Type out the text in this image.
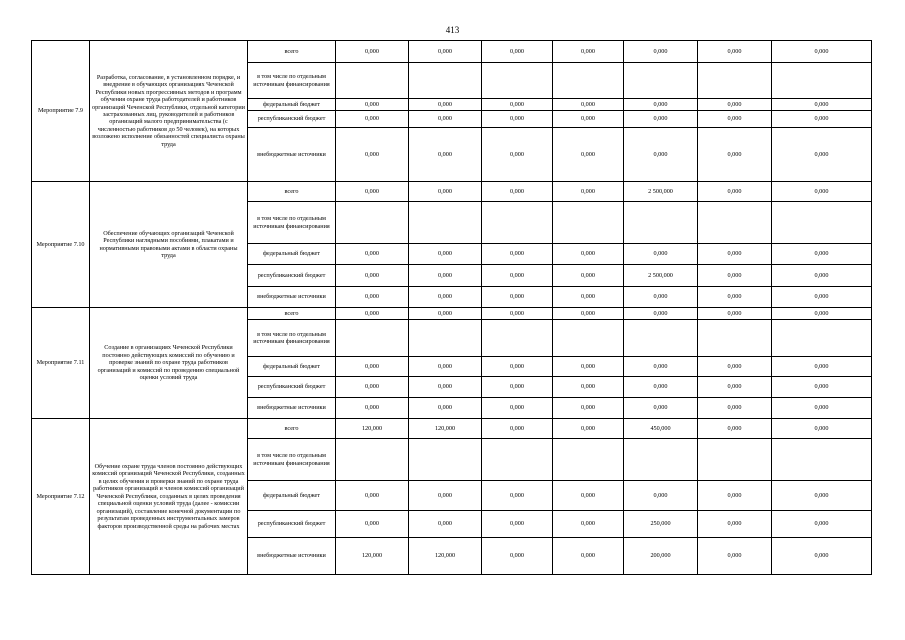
413
Мероприятие 7.9	Разработка, согласование, в установленном порядке, и внедрение в обучающих организациях Чеченской Республики новых прогрессивных методов и программ обучения охране труда работодателей и работников организаций Чеченской Республики, отдельной категории застрахованных лиц, руководителей и работников организаций малого предпринимательства (с численностью работников до 50 человек), на которых возложено исполнение обязанностей специалиста охраны труда	всего	0,000	0,000	0,000	0,000	0,000	0,000	0,000
		в том числе по отдельным источникам финансирования							
		федеральный бюджет	0,000	0,000	0,000	0,000	0,000	0,000	0,000
		республиканский бюджет	0,000	0,000	0,000	0,000	0,000	0,000	0,000
		внебюджетные источники	0,000	0,000	0,000	0,000	0,000	0,000	0,000
Мероприятие 7.10	Обеспечение обучающих организаций Чеченской Республики наглядными пособиями, плакатами и нормативными правовыми актами в области охраны труда	всего	0,000	0,000	0,000	0,000	2 500,000	0,000	0,000
		в том числе по отдельным источникам финансирования							
		федеральный бюджет	0,000	0,000	0,000	0,000	0,000	0,000	0,000
		республиканский бюджет	0,000	0,000	0,000	0,000	2 500,000	0,000	0,000
		внебюджетные источники	0,000	0,000	0,000	0,000	0,000	0,000	0,000
Мероприятие 7.11	Создание в организациях Чеченской Республики постоянно действующих комиссий по обучению и проверке знаний по охране труда работников организаций и комиссий по проведению специальной оценки условий труда	всего	0,000	0,000	0,000	0,000	0,000	0,000	0,000
		в том числе по отдельным источникам финансирования							
		федеральный бюджет	0,000	0,000	0,000	0,000	0,000	0,000	0,000
		республиканский бюджет	0,000	0,000	0,000	0,000	0,000	0,000	0,000
		внебюджетные источники	0,000	0,000	0,000	0,000	0,000	0,000	0,000
Мероприятие 7.12	Обучение охране труда членов постоянно действующих комиссий организаций Чеченской Республики, созданных в целях обучения и проверки знаний по охране труда работников организаций и членов комиссий организаций Чеченской Республики, созданных в целях проведения специальной оценки условий труда (далее - комиссии организаций), составление конечной документации по результатам проведенных инструментальных замеров факторов производственной среды на рабочих местах	всего	120,000	120,000	0,000	0,000	450,000	0,000	0,000
		в том числе по отдельным источникам финансирования							
		федеральный бюджет	0,000	0,000	0,000	0,000	0,000	0,000	0,000
		республиканский бюджет	0,000	0,000	0,000	0,000	250,000	0,000	0,000
		внебюджетные источники	120,000	120,000	0,000	0,000	200,000	0,000	0,000
